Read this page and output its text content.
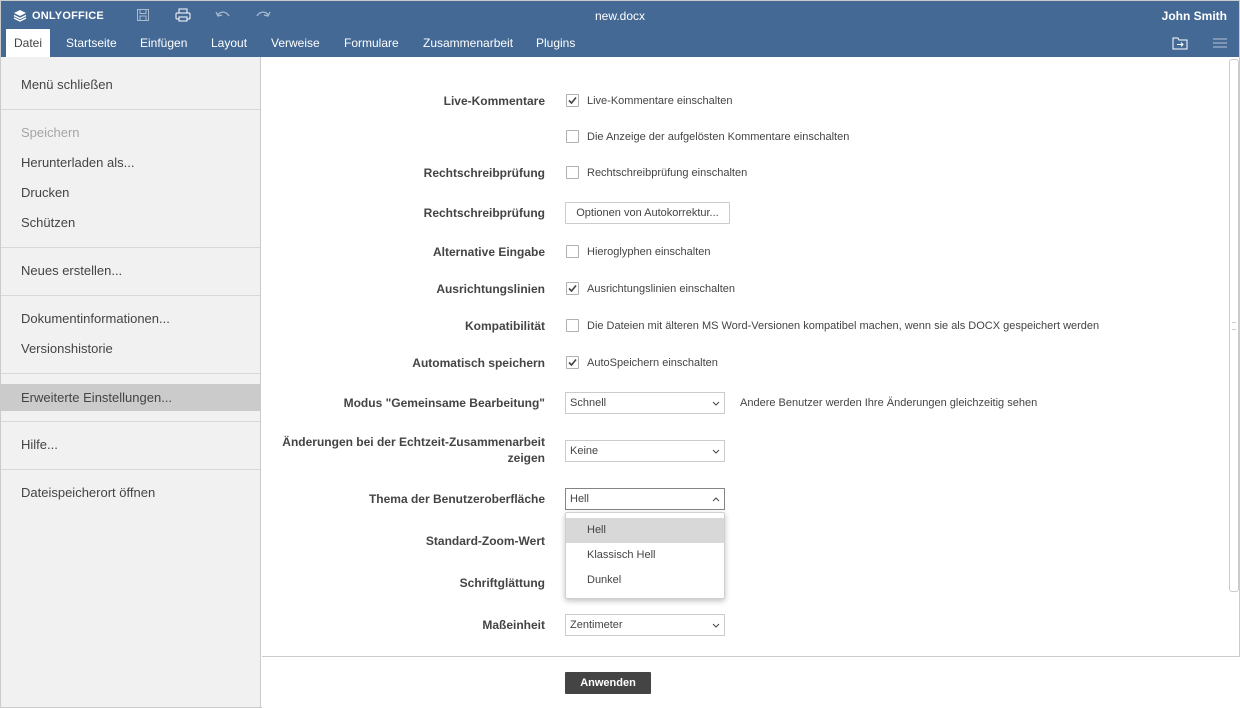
ONLYOFFICE	new.docx	John Smith
Datei	Startseite	Einfügen	Layout	Verweise	Formulare	Zusammenarbeit	Plugins
Menü schließen
Speichern
Herunterladen als...
Drucken
Schützen
Neues erstellen...
Dokumentinformationen...
Versionshistorie
Erweiterte Einstellungen...
Hilfe...
Dateispeicherort öffnen
Live-Kommentare	Live-Kommentare einschalten
Die Anzeige der aufgelösten Kommentare einschalten
Rechtschreibprüfung	Rechtschreibprüfung einschalten
Rechtschreibprüfung	Optionen von Autokorrektur...
Alternative Eingabe	Hieroglyphen einschalten
Ausrichtungslinien	Ausrichtungslinien einschalten
Kompatibilität	Die Dateien mit älteren MS Word-Versionen kompatibel machen, wenn sie als DOCX gespeichert werden
Automatisch speichern	AutoSpeichern einschalten
Modus "Gemeinsame Bearbeitung"	Schnell	Andere Benutzer werden Ihre Änderungen gleichzeitig sehen
Änderungen bei der Echtzeit-Zusammenarbeit
zeigen	Keine
Thema der Benutzeroberfläche	Hell
Standard-Zoom-Wert
Schriftglättung
Maßeinheit	Zentimeter
Hell
Klassisch Hell
Dunkel
Anwenden
